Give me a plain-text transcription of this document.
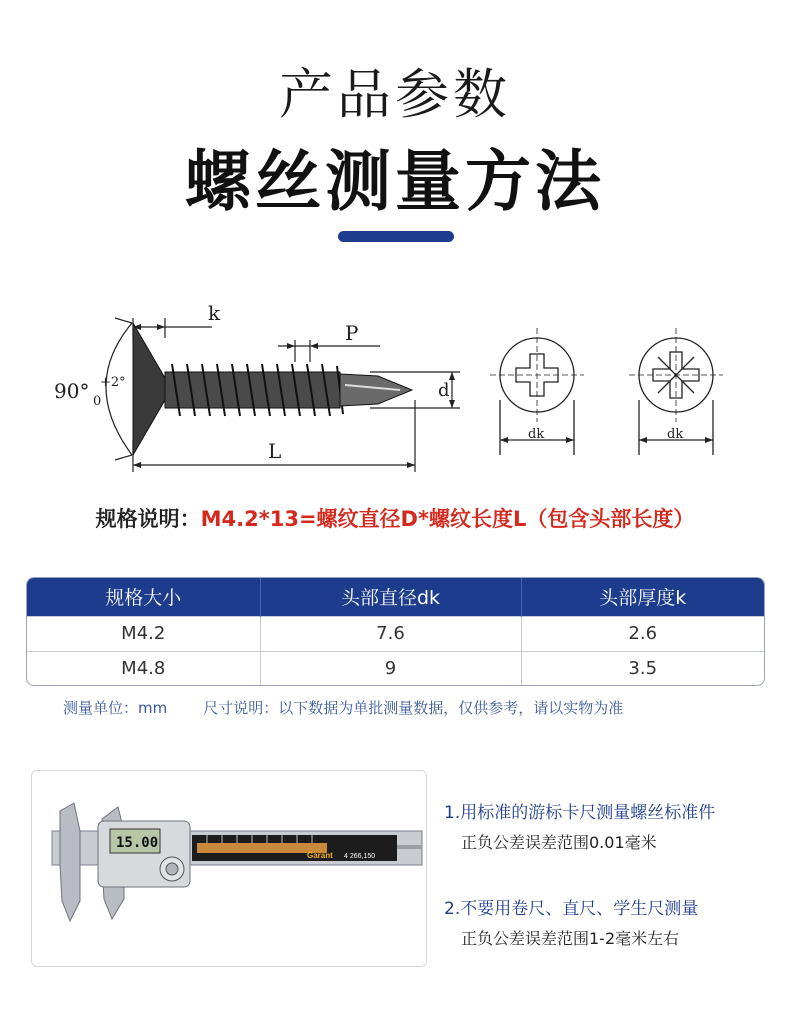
产品参数
螺丝测量方法
k
P
90° +2°
0
d
L
dk	dk
规格说明：M4.2*13=螺纹直径D*螺纹长度L（包含头部长度）
规格大小	头部直径dk	头部厚度k
M4.2	7.6	2.6
M4.8	9	3.5
测量单位：mm 尺寸说明：以下数据为单批测量数据，仅供参考，请以实物为准
15.00
Garant 4 266,150
1.用标准的游标卡尺测量螺丝标准件
正负公差误差范围0.01毫米
2.不要用卷尺、直尺、学生尺测量
正负公差误差范围1-2毫米左右
